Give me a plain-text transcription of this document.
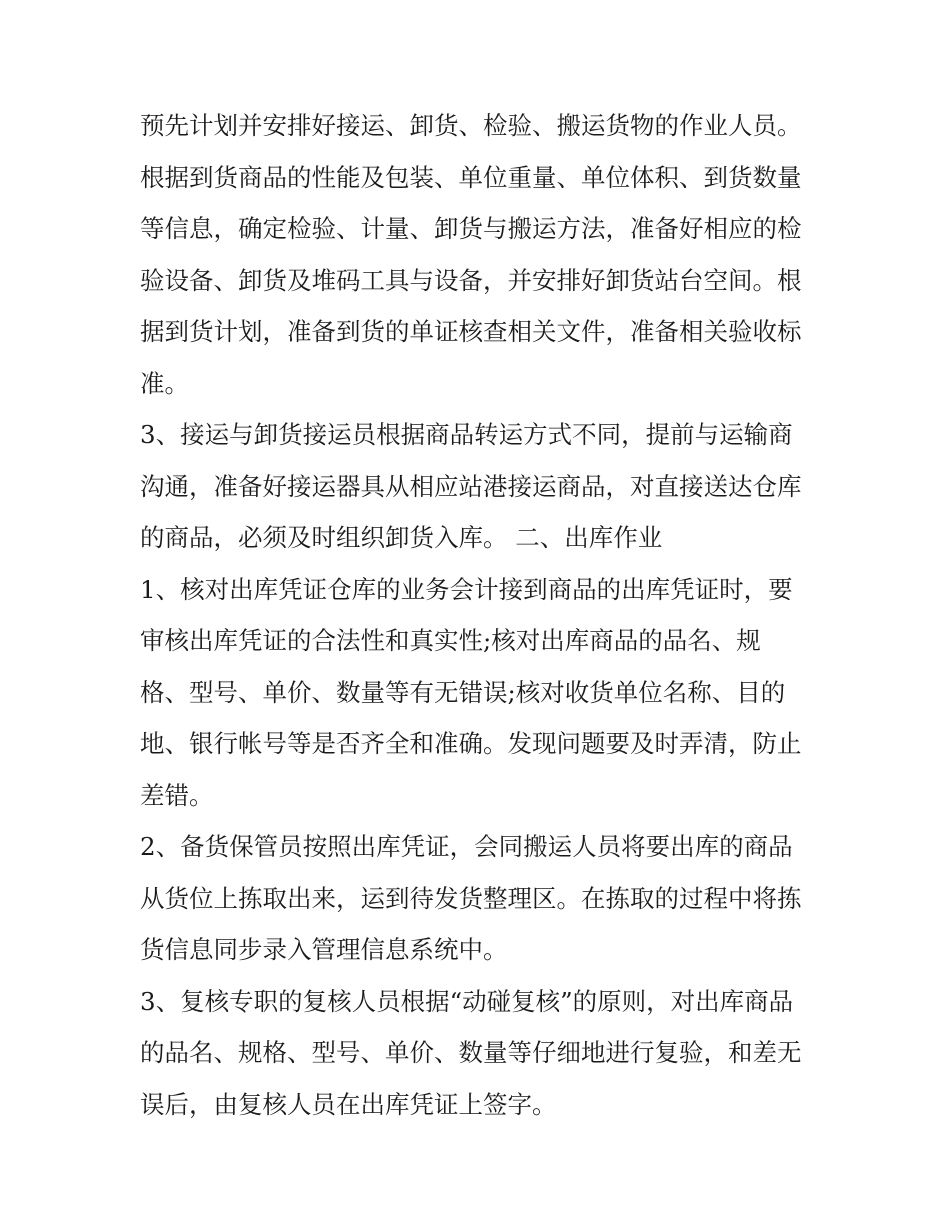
预先计划并安排好接运、卸货、检验、搬运货物的作业人员。
根据到货商品的性能及包装、单位重量、单位体积、到货数量
等信息，确定检验、计量、卸货与搬运方法，准备好相应的检
验设备、卸货及堆码工具与设备，并安排好卸货站台空间。根
据到货计划，准备到货的单证核查相关文件，准备相关验收标
准。
3、接运与卸货接运员根据商品转运方式不同，提前与运输商
沟通，准备好接运器具从相应站港接运商品，对直接送达仓库
的商品，必须及时组织卸货入库。 二、出库作业
1、核对出库凭证仓库的业务会计接到商品的出库凭证时，要
审核出库凭证的合法性和真实性;核对出库商品的品名、规
格、型号、单价、数量等有无错误;核对收货单位名称、目的
地、银行帐号等是否齐全和准确。发现问题要及时弄清，防止
差错。
2、备货保管员按照出库凭证，会同搬运人员将要出库的商品
从货位上拣取出来，运到待发货整理区。在拣取的过程中将拣
货信息同步录入管理信息系统中。
3、复核专职的复核人员根据“动碰复核”的原则，对出库商品
的品名、规格、型号、单价、数量等仔细地进行复验，和差无
误后，由复核人员在出库凭证上签字。
